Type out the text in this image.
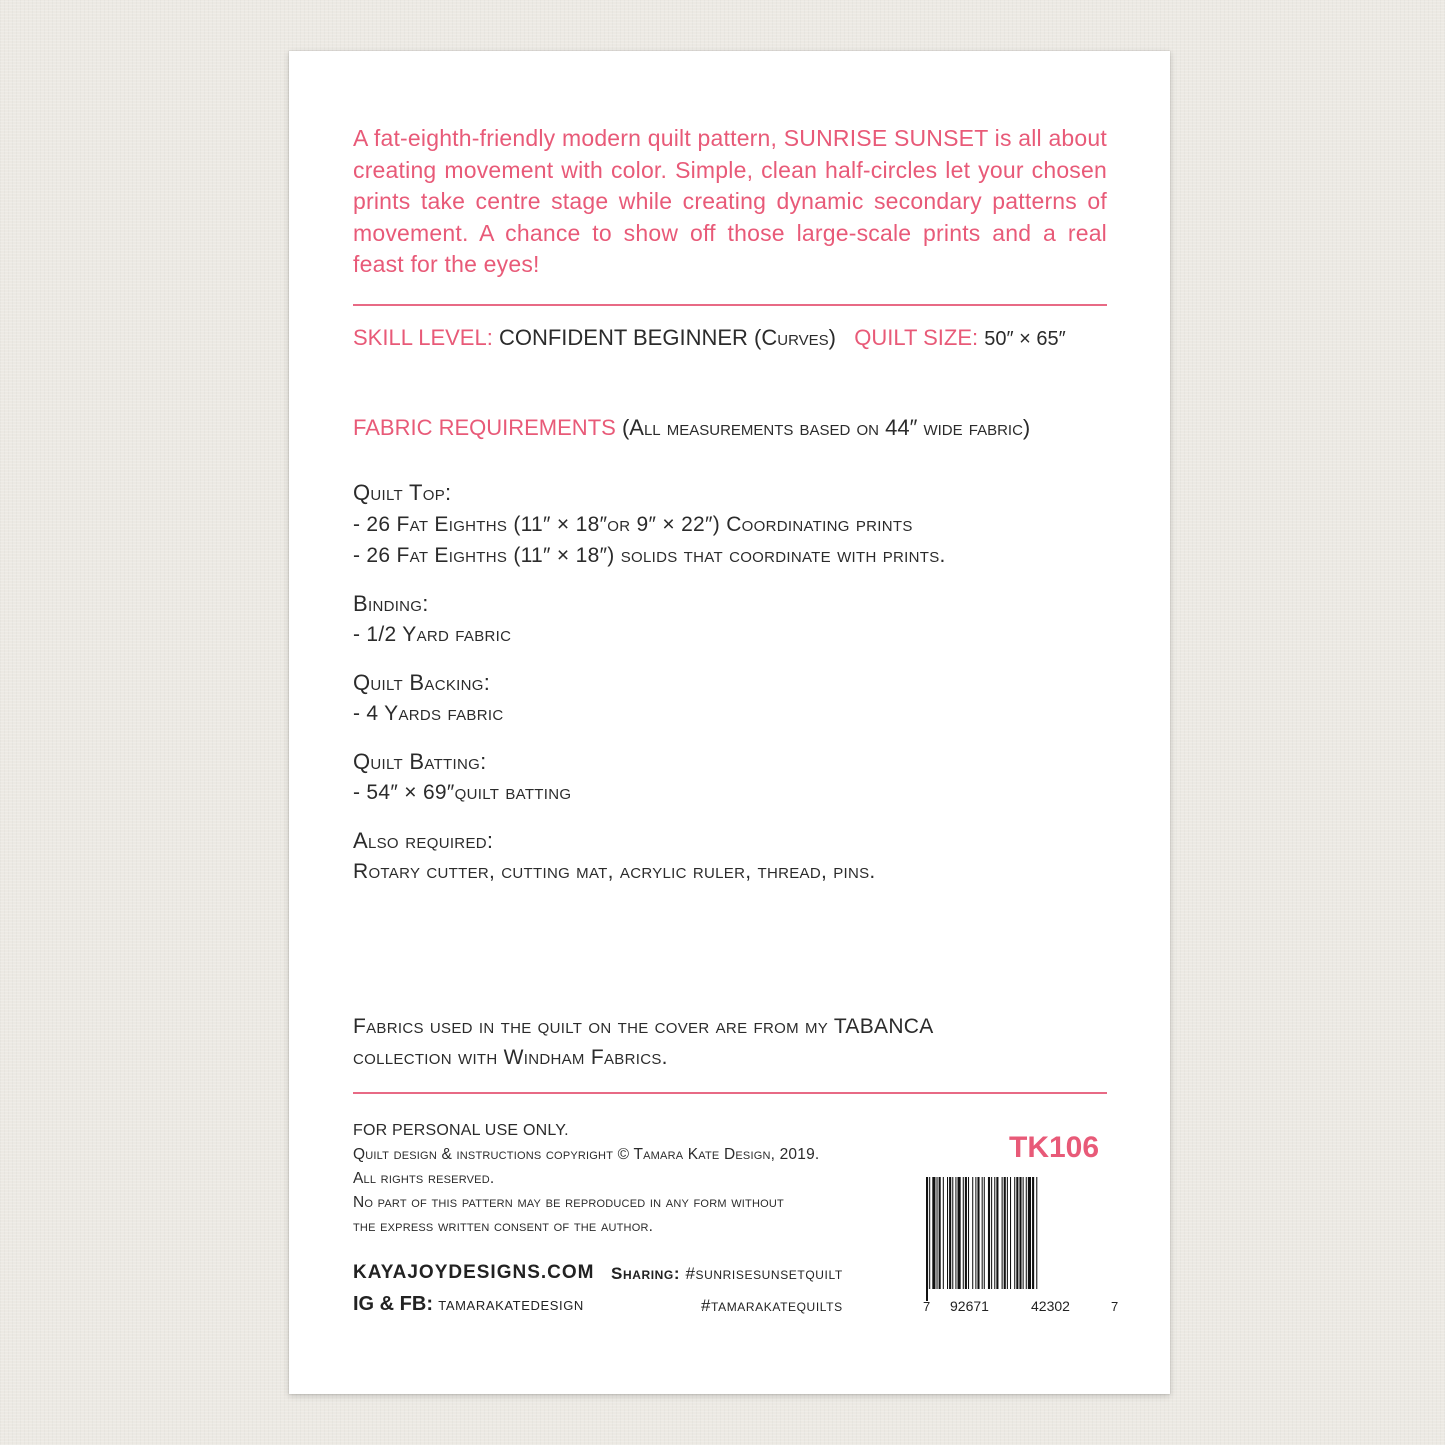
A fat-eighth-friendly modern quilt pattern, SUNRISE SUNSET is all about creating movement with color. Simple, clean half-circles let your chosen prints take centre stage while creating dynamic secondary patterns of movement. A chance to show off those large-scale prints and a real feast for the eyes!
SKILL LEVEL: CONFIDENT BEGINNER (Curves) QUILT SIZE: 50″ × 65″
FABRIC REQUIREMENTS (All measurements based on 44″ wide fabric)
Quilt Top:
- 26 Fat Eighths (11″ × 18″or 9″ × 22″) Coordinating prints
- 26 Fat Eighths (11″ × 18″) solids that coordinate with prints.
Binding:
- 1/2 Yard fabric
Quilt Backing:
- 4 Yards fabric
Quilt Batting:
- 54″ × 69″quilt batting
Also required:
Rotary cutter, cutting mat, acrylic ruler, thread, pins.
Fabrics used in the quilt on the cover are from my TABANCA
collection with Windham Fabrics.
FOR PERSONAL USE ONLY.
Quilt design & instructions copyright © Tamara Kate Design, 2019.
All rights reserved.
No part of this pattern may be reproduced in any form without
the express written consent of the author.
TK106
7 92671	42302	7
KAYAJOYDESIGNS.COM
IG & FB: tamarakatedesign
Sharing: #sunrisesunsetquilt
#tamarakatequilts
